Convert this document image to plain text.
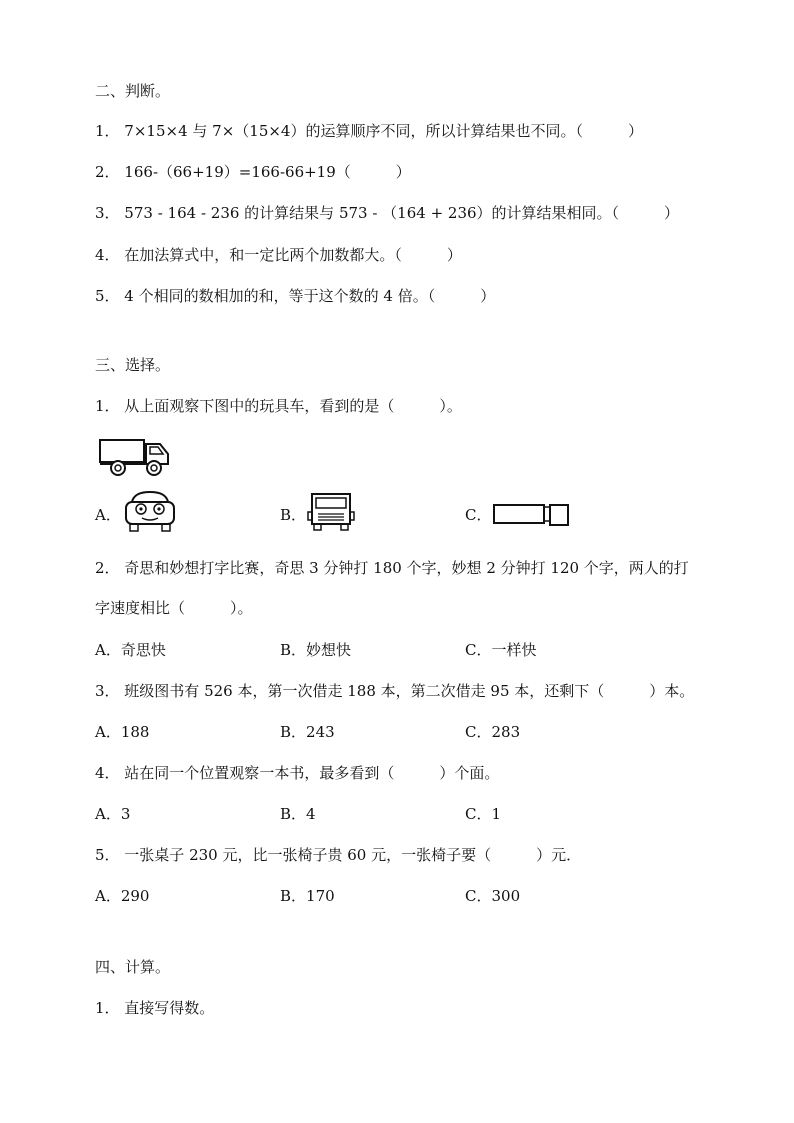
二、判断。
1． 7×15×4 与 7×（15×4）的运算顺序不同，所以计算结果也不同。（　　　）
2． 166-（66+19）=166-66+19（　　　）
3． 573 - 164 - 236 的计算结果与 573 - （164 + 236）的计算结果相同。（　　　）
4． 在加法算式中，和一定比两个加数都大。（　　　）
5． 4 个相同的数相加的和，等于这个数的 4 倍。（　　　）
三、选择。
1． 从上面观察下图中的玩具车，看到的是（　　　）。
A．	B．	C．
2． 奇思和妙想打字比赛，奇思 3 分钟打 180 个字，妙想 2 分钟打 120 个字，两人的打
字速度相比（　　　）。
A．奇思快	B．妙想快	C．一样快
3． 班级图书有 526 本，第一次借走 188 本，第二次借走 95 本，还剩下（　　　）本。
A．188	B．243	C．283
4． 站在同一个位置观察一本书，最多看到（　　　）个面。
A．3	B．4	C．1
5． 一张桌子 230 元，比一张椅子贵 60 元，一张椅子要（　　　）元．
A．290	B．170	C．300
四、计算。
1． 直接写得数。
